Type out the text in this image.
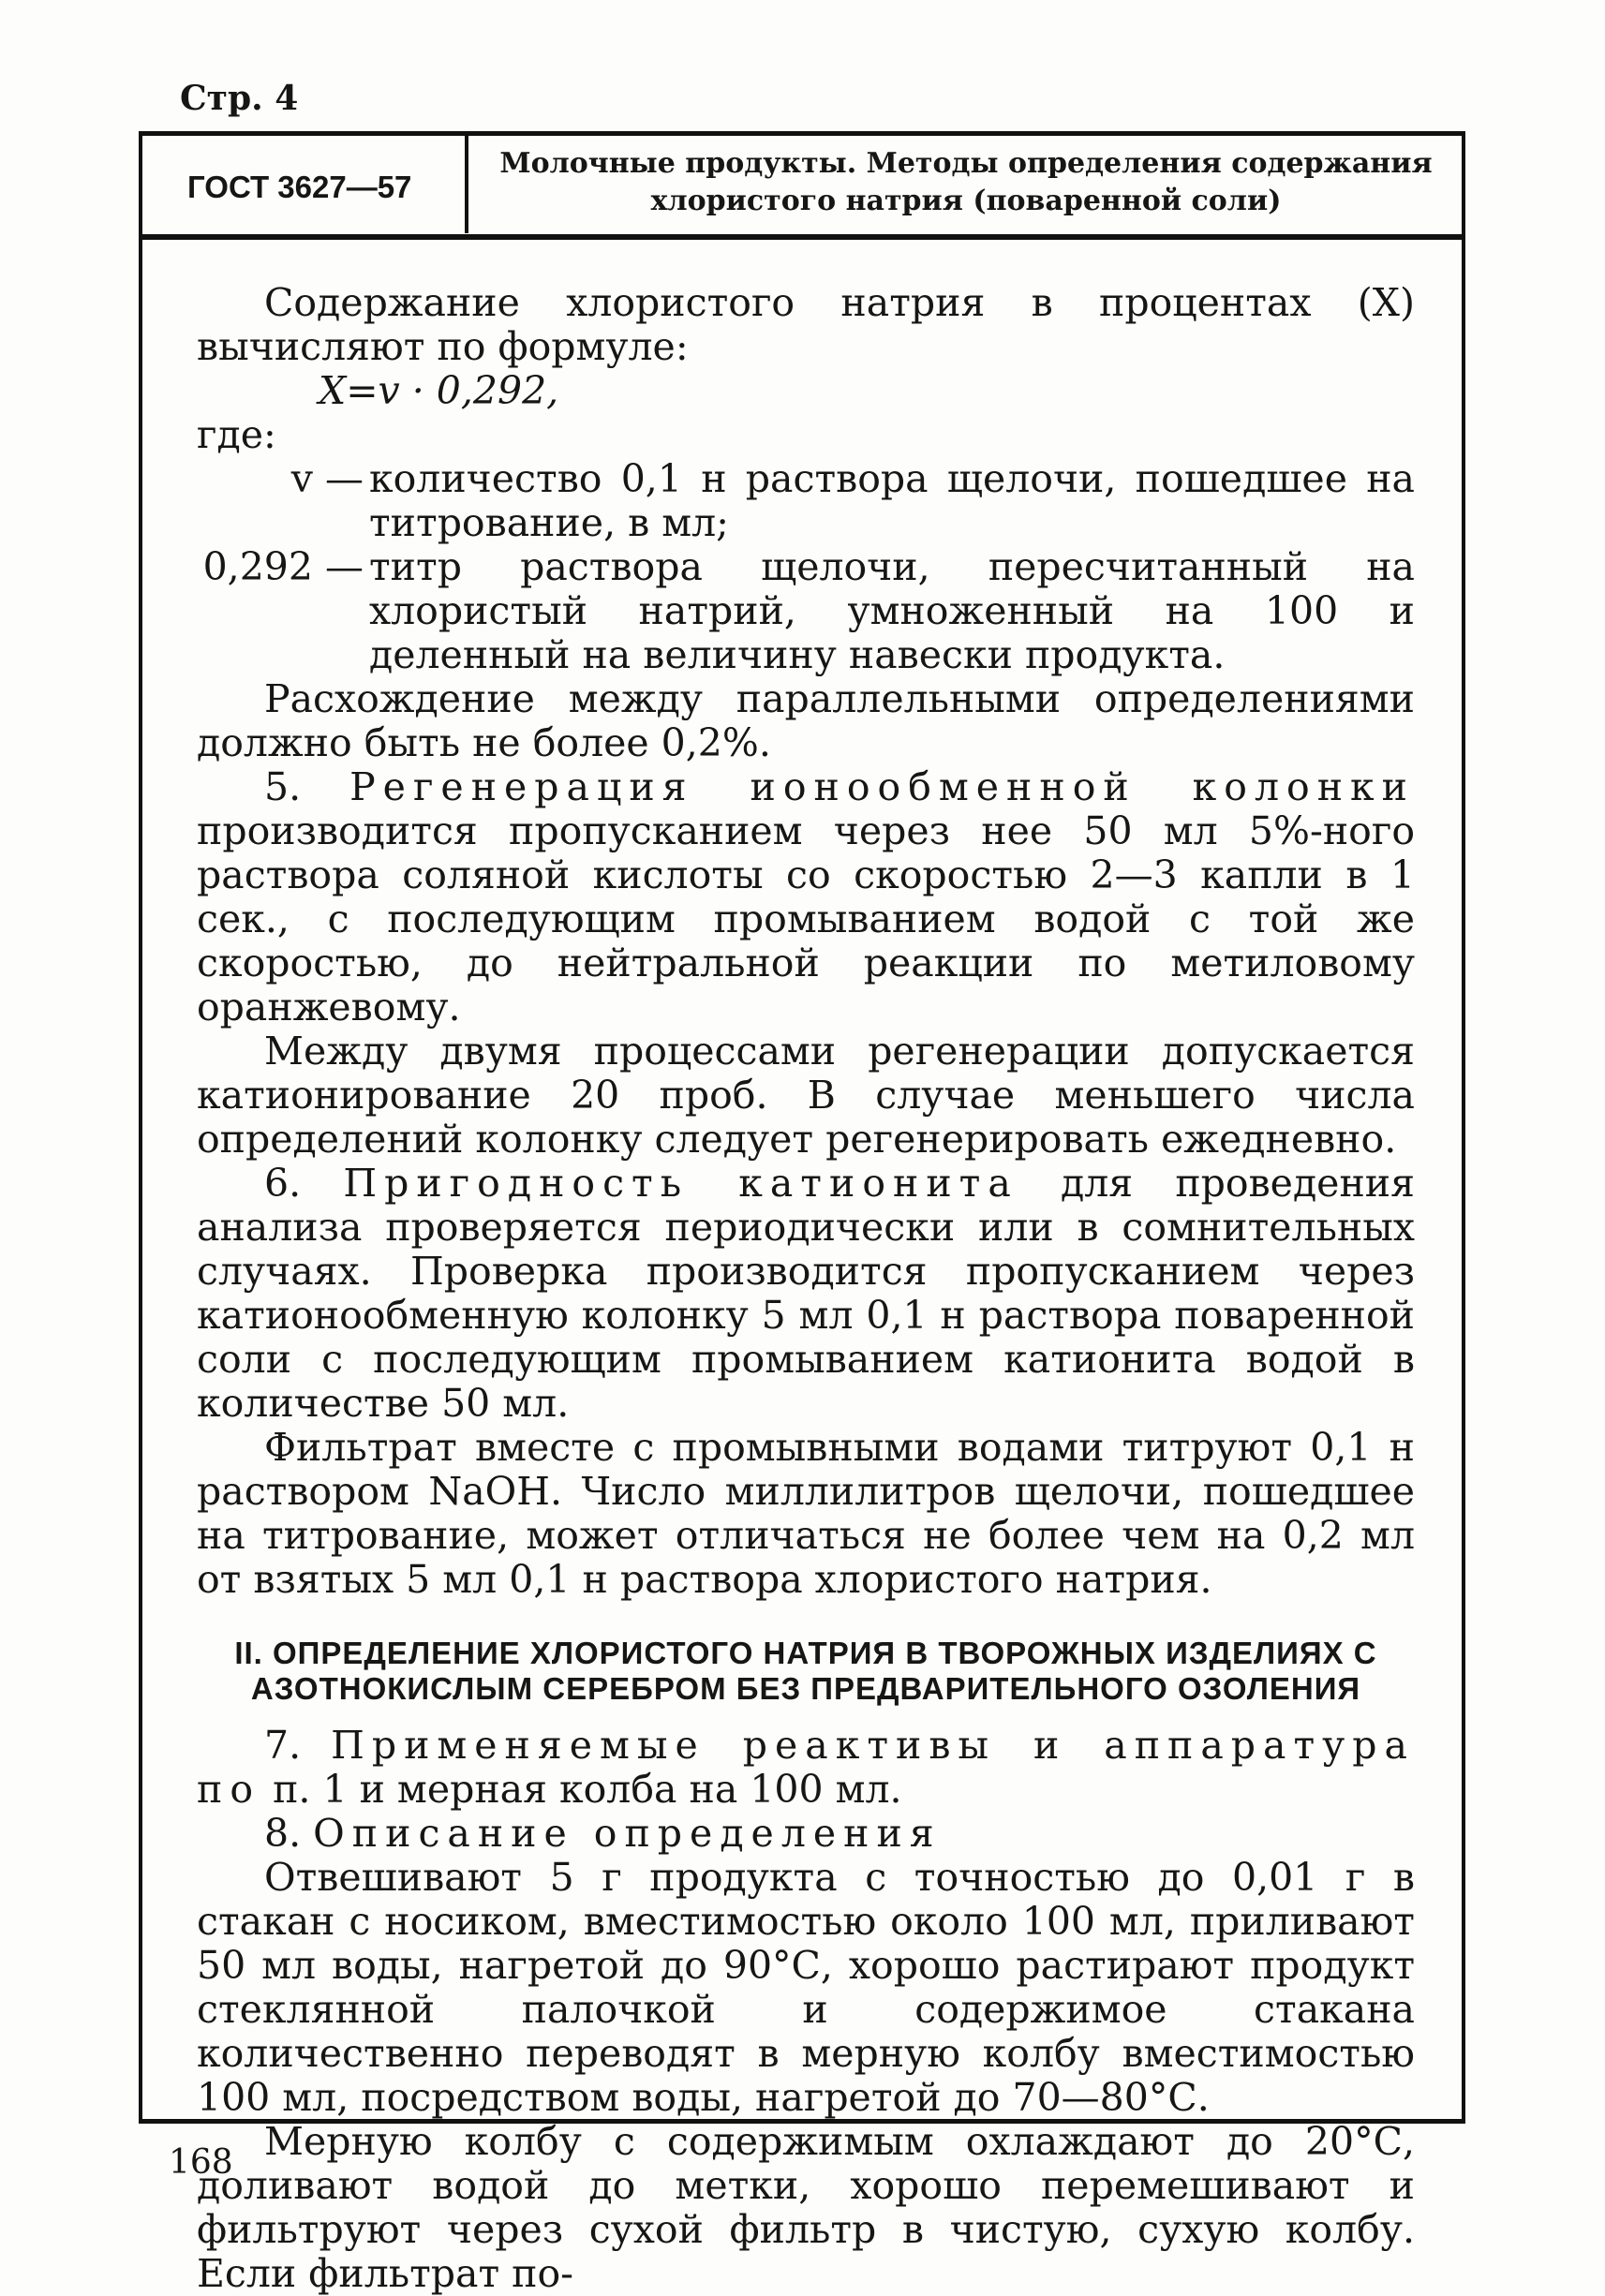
Стр. 4
ГОСТ 3627—57
Молочные продукты. Методы определения содержания хлористого натрия (поваренной соли)

Содержание хлористого натрия в процентах (X) вычисляют по формуле:

X=v · 0,292,

где:

v — количество 0,1 н раствора щелочи, пошедшее на титрование, в мл;
0,292 — титр раствора щелочи, пересчитанный на хлористый натрий, умноженный на 100 и деленный на величину навески продукта.

Расхождение между параллельными определениями должно быть не более 0,2%.

5. Регенерация ионообменной колонки производится пропусканием через нее 50 мл 5%-ного раствора соляной кислоты со скоростью 2—3 капли в 1 сек., с последующим промыванием водой с той же скоростью, до нейтральной реакции по метиловому оранжевому.

Между двумя процессами регенерации допускается катионирование 20 проб. В случае меньшего числа определений колонку следует регенерировать ежедневно.

6. Пригодность катионита для проведения анализа проверяется периодически или в сомнительных случаях. Проверка производится пропусканием через катионообменную колонку 5 мл 0,1 н раствора поваренной соли с последующим промыванием катионита водой в количестве 50 мл.

Фильтрат вместе с промывными водами титруют 0,1 н раствором NaOH. Число миллилитров щелочи, пошедшее на титрование, может отличаться не более чем на 0,2 мл от взятых 5 мл 0,1 н раствора хлористого натрия.

II. ОПРЕДЕЛЕНИЕ ХЛОРИСТОГО НАТРИЯ В ТВОРОЖНЫХ ИЗДЕЛИЯХ С АЗОТНОКИСЛЫМ СЕРЕБРОМ БЕЗ ПРЕДВАРИТЕЛЬНОГО ОЗОЛЕНИЯ

7. Применяемые реактивы и аппаратура по п. 1 и мерная колба на 100 мл.

8. Описание определения

Отвешивают 5 г продукта с точностью до 0,01 г в стакан с носиком, вместимостью около 100 мл, приливают 50 мл воды, нагретой до 90°С, хорошо растирают продукт стеклянной палочкой и содержимое стакана количественно переводят в мерную колбу вместимостью 100 мл, посредством воды, нагретой до 70—80°С.

Мерную колбу с содержимым охлаждают до 20°С, доливают водой до метки, хорошо перемешивают и фильтруют через сухой фильтр в чистую, сухую колбу. Если фильтрат по-

168
